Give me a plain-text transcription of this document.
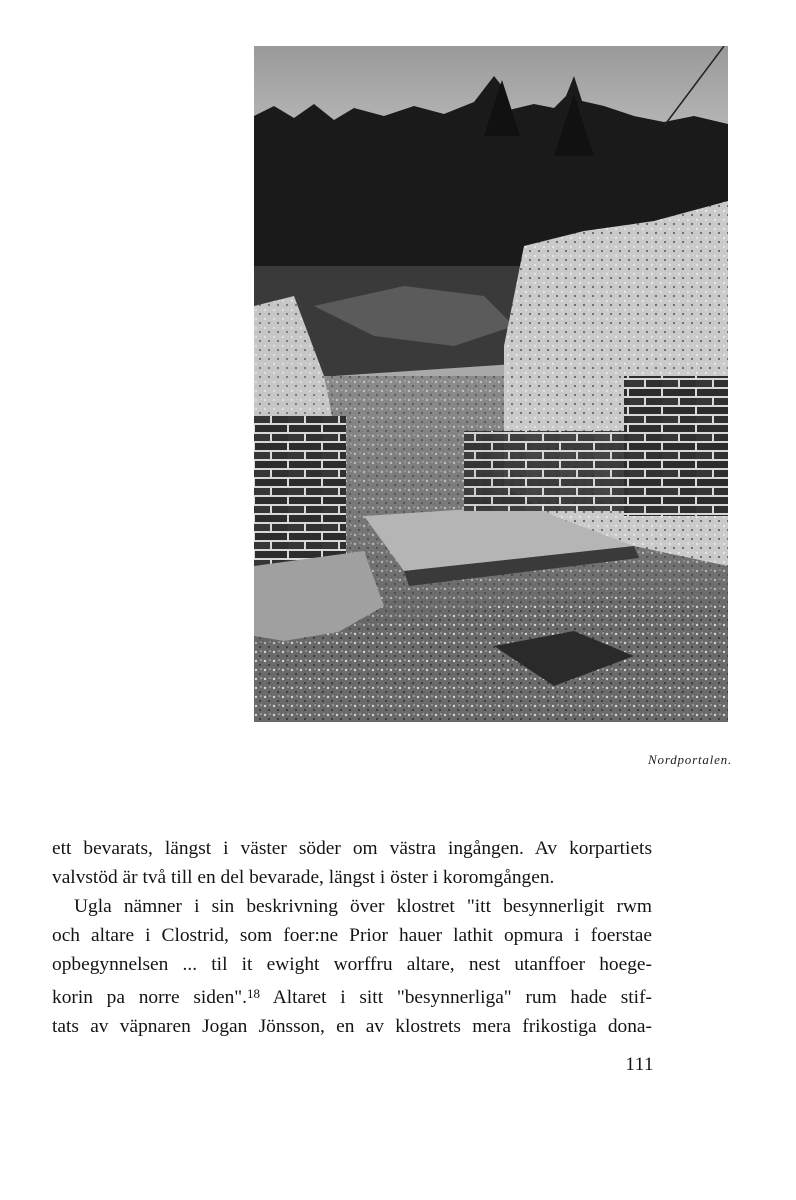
Nordportalen.
ett bevarats, längst i väster söder om västra ingången. Av korpartiets
valvstöd är två till en del bevarade, längst i öster i koromgången.
Ugla nämner i sin beskrivning över klostret "itt besynnerligit rwm
och altare i Clostrid, som foer:ne Prior hauer lathit opmura i foerstae
opbegynnelsen ... til it ewight worffru altare, nest utanffoer hoege-
korin pa norre siden".$^{18}$ Altaret i sitt "besynnerliga" rum hade stif-
tats av väpnaren Jogan Jönsson, en av klostrets mera frikostiga dona-
111
